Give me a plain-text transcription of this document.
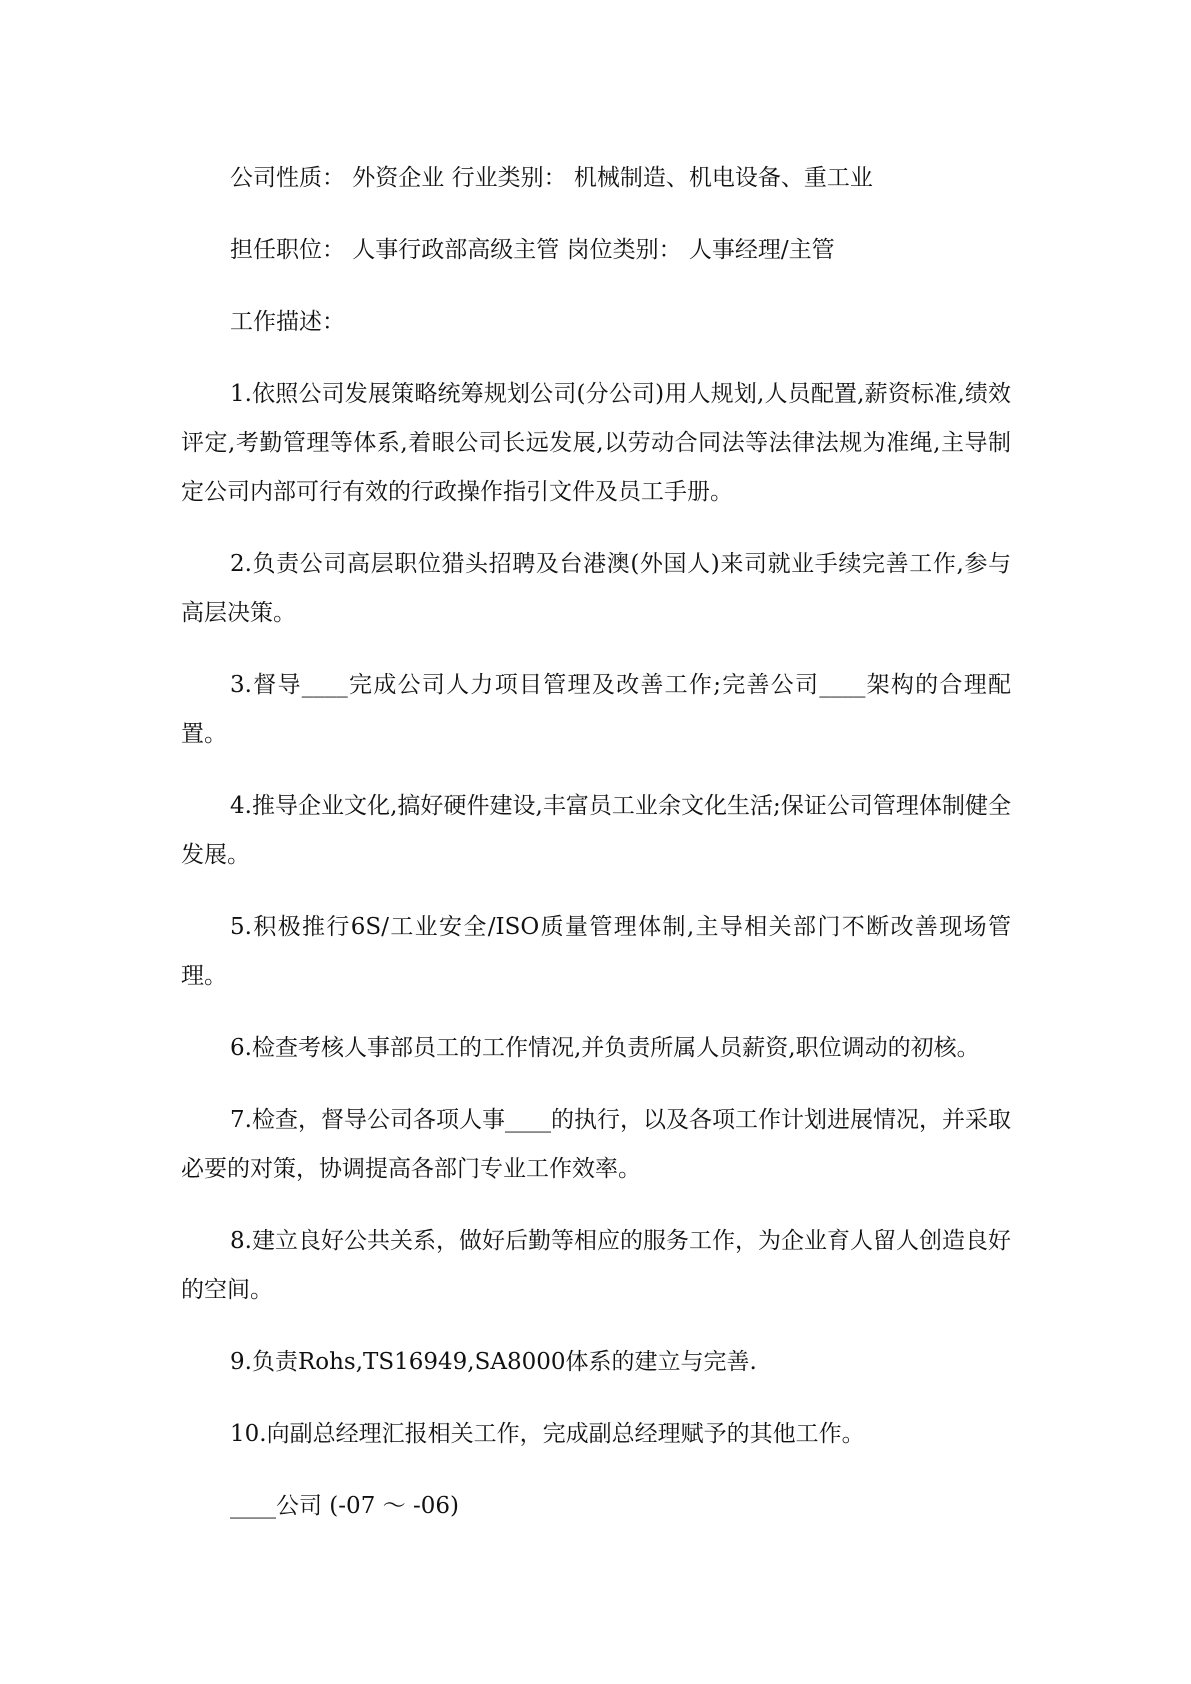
公司性质： 外资企业 行业类别： 机械制造、机电设备、重工业

担任职位： 人事行政部高级主管 岗位类别： 人事经理/主管

工作描述：

1.依照公司发展策略统筹规划公司(分公司)用人规划,人员配置,薪资标准,绩效评定,考勤管理等体系,着眼公司长远发展,以劳动合同法等法律法规为准绳,主导制定公司内部可行有效的行政操作指引文件及员工手册。

2.负责公司高层职位猎头招聘及台港澳(外国人)来司就业手续完善工作,参与高层决策。

3.督导____完成公司人力项目管理及改善工作;完善公司____架构的合理配置。

4.推导企业文化,搞好硬件建设,丰富员工业余文化生活;保证公司管理体制健全发展。

5.积极推行6S/工业安全/ISO质量管理体制,主导相关部门不断改善现场管理。

6.检查考核人事部员工的工作情况,并负责所属人员薪资,职位调动的初核。

7.检查，督导公司各项人事____的执行，以及各项工作计划进展情况，并采取必要的对策，协调提高各部门专业工作效率。

8.建立良好公共关系，做好后勤等相应的服务工作，为企业育人留人创造良好的空间。

9.负责Rohs,TS16949,SA8000体系的建立与完善.

10.向副总经理汇报相关工作，完成副总经理赋予的其他工作。

____公司 (-07 ～ -06)
